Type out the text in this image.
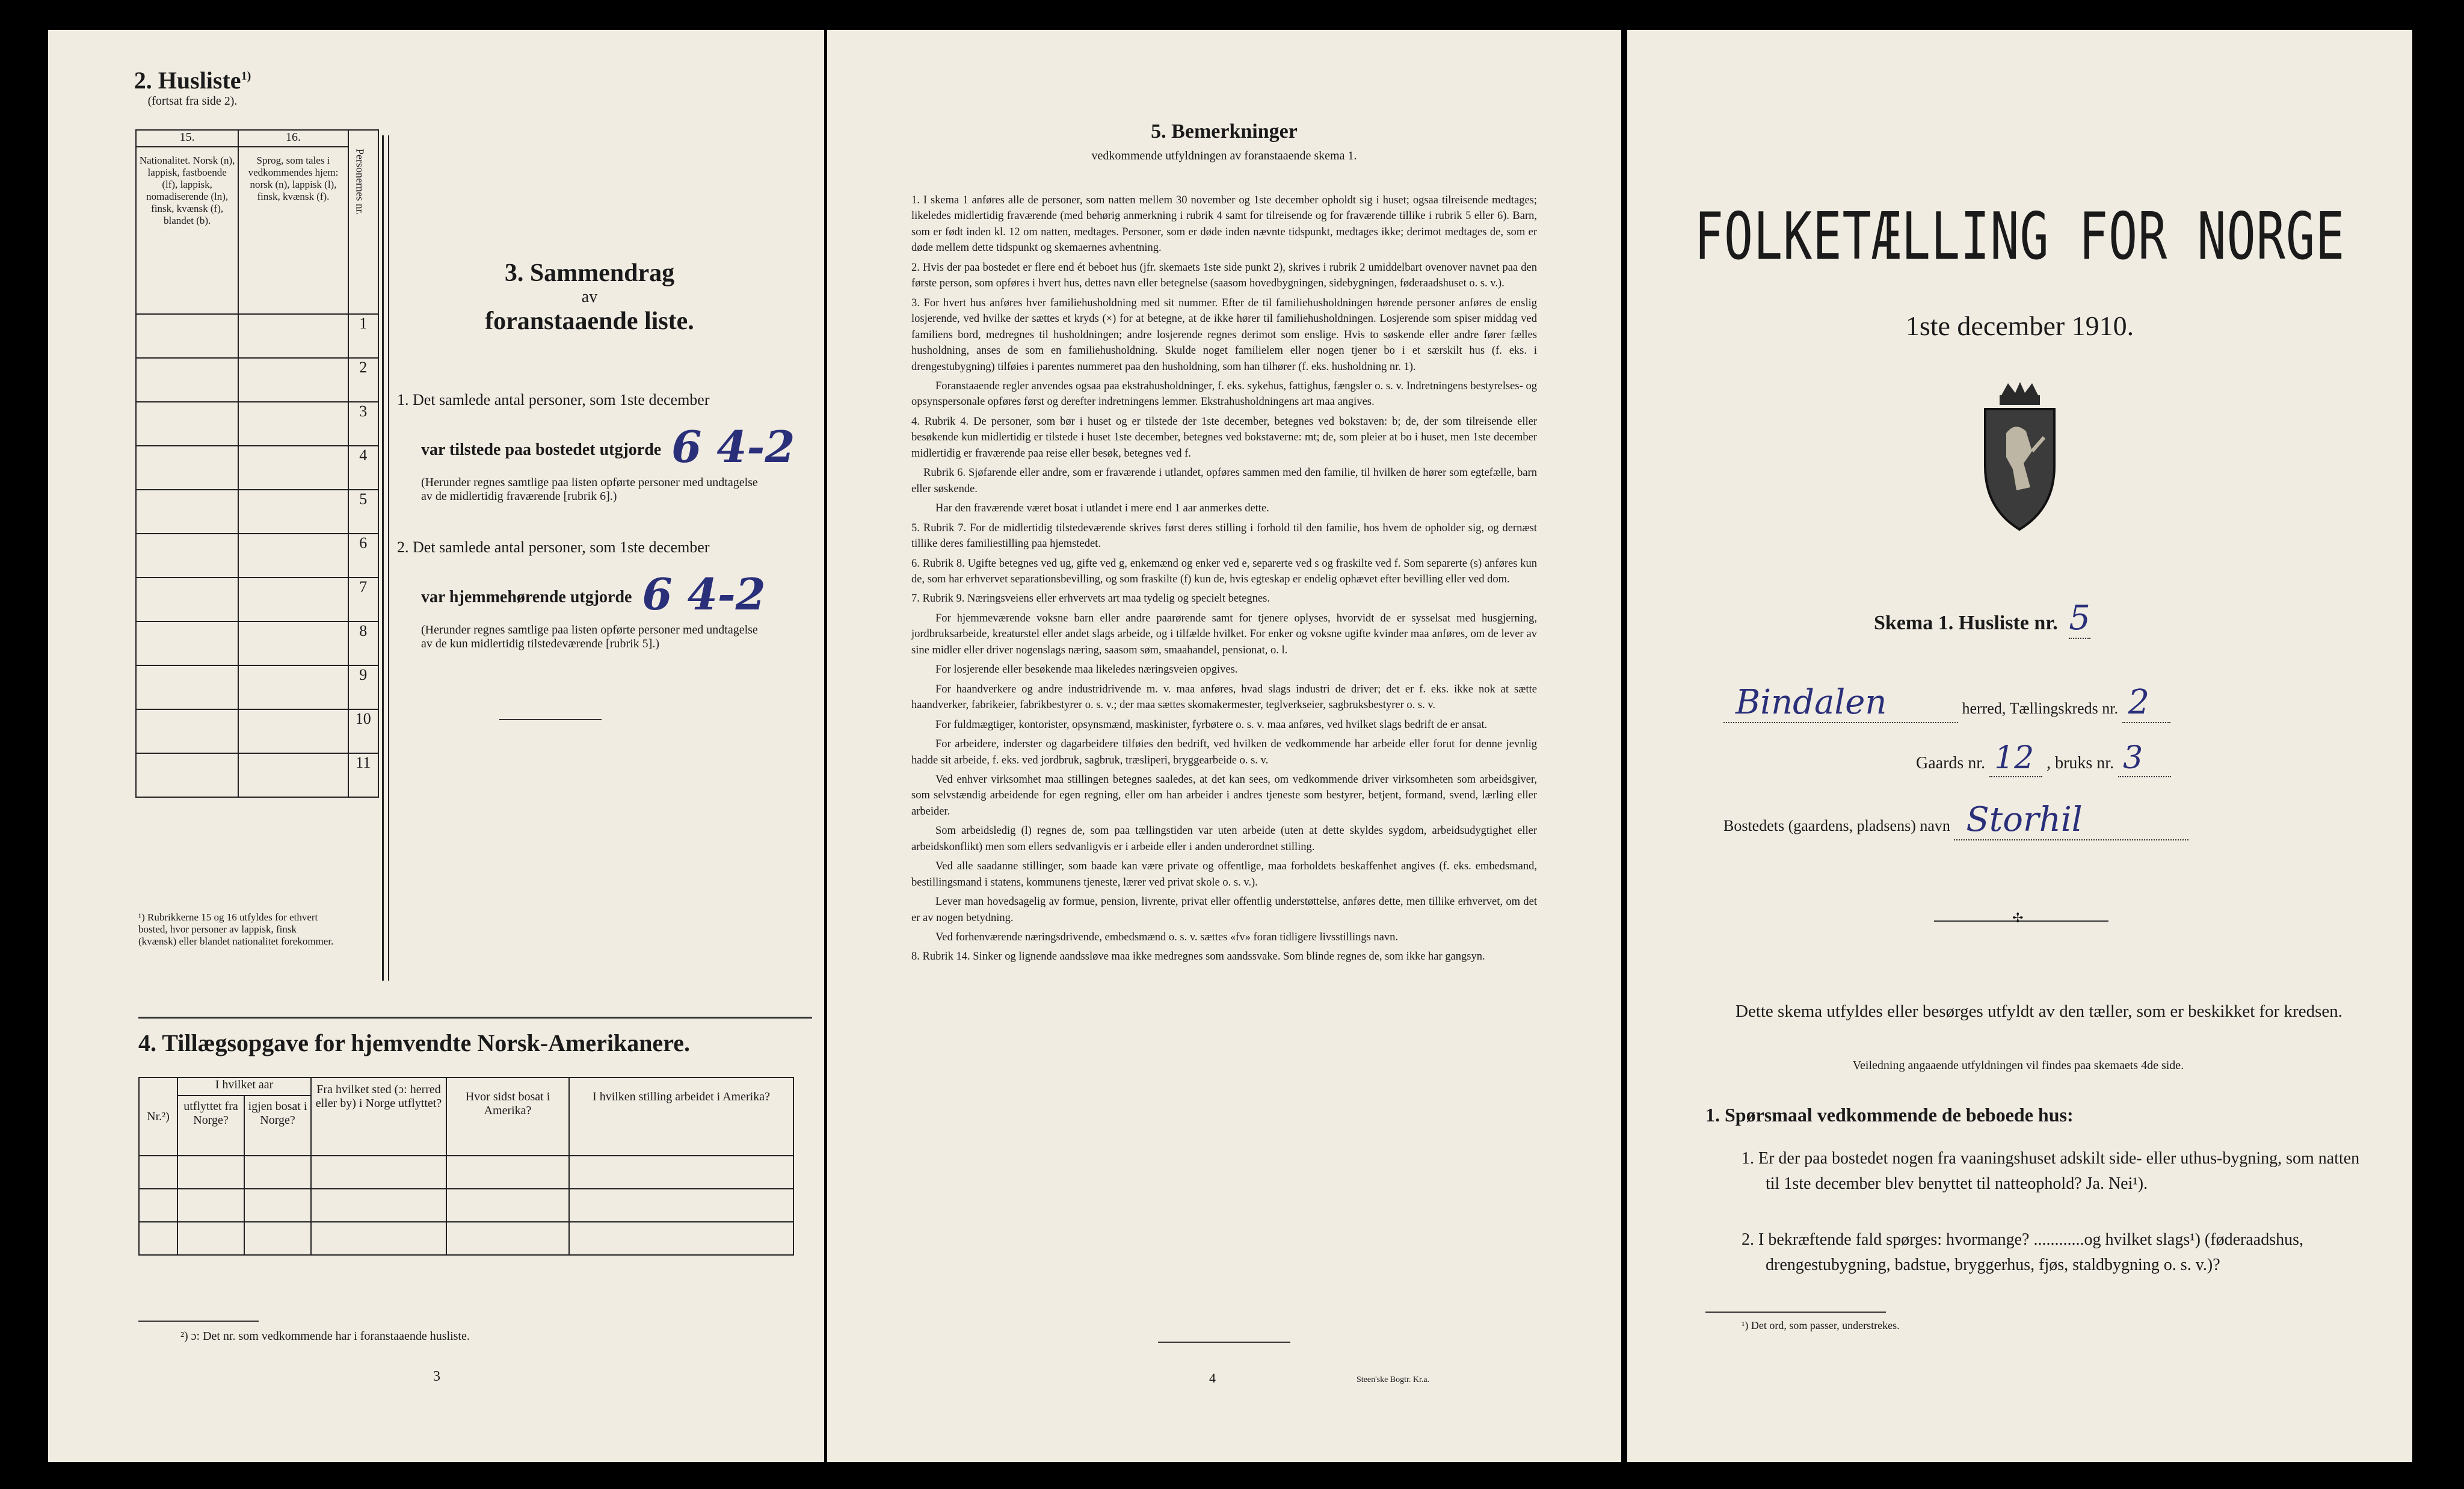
2. Husliste$^{1)}$
(fortsat fra side 2).
15.	16.	Personernes nr.

Nationalitet. Norsk (n), lappisk, fastboende (lf), lappisk, nomadiserende (ln), finsk, kvænsk (f), blandet (b).	Sprog, som tales i vedkommendes hjem: norsk (n), lappisk (l), finsk, kvænsk (f).	
		1
		2
		3
		4
		5
		6
		7
		8
		9
		10
		11
¹) Rubrikkerne 15 og 16 utfyldes for ethvert bosted, hvor personer av lappisk, finsk (kvænsk) eller blandet nationalitet forekommer.
3. Sammendrag
av
foranstaaende liste.
1. Det samlede antal personer, som 1ste december
var tilstede paa bostedet utgjorde 6 4-2
(Herunder regnes samtlige paa listen opførte personer med undtagelse av de midlertidig fraværende [rubrik 6].)
2. Det samlede antal personer, som 1ste december
var hjemmehørende utgjorde 6 4-2
(Herunder regnes samtlige paa listen opførte personer med undtagelse av de kun midlertidig tilstedeværende [rubrik 5].)
4. Tillægsopgave for hjemvendte Norsk-Amerikanere.
Nr.²)	I hvilket aar		Fra hvilket sted (ɔ: herred eller by) i Norge utflyttet?	Hvor sidst bosat i Amerika?	I hvilken stilling arbeidet i Amerika?
	utflyttet fra Norge?	igjen bosat i Norge?			

²) ɔ: Det nr. som vedkommende har i foranstaaende husliste.
3
5. Bemerkninger
vedkommende utfyldningen av foranstaaende skema 1.

1. I skema 1 anføres alle de personer, som natten mellem 30 november og 1ste december opholdt sig i huset; ogsaa tilreisende medtages; likeledes midlertidig fraværende (med behørig anmerkning i rubrik 4 samt for tilreisende og for fraværende tillike i rubrik 5 eller 6). Barn, som er født inden kl. 12 om natten, medtages. Personer, som er døde inden nævnte tidspunkt, medtages ikke; derimot medtages de, som er døde mellem dette tidspunkt og skemaernes avhentning.

2. Hvis der paa bostedet er flere end ét beboet hus (jfr. skemaets 1ste side punkt 2), skrives i rubrik 2 umiddelbart ovenover navnet paa den første person, som opføres i hvert hus, dettes navn eller betegnelse (saasom hovedbygningen, sidebygningen, føderaadshuset o. s. v.).

3. For hvert hus anføres hver familiehusholdning med sit nummer. Efter de til familiehusholdningen hørende personer anføres de enslig losjerende, ved hvilke der sættes et kryds (×) for at betegne, at de ikke hører til familiehusholdningen. Losjerende som spiser middag ved familiens bord, medregnes til husholdningen; andre losjerende regnes derimot som enslige. Hvis to søskende eller andre fører fælles husholdning, anses de som en familiehusholdning. Skulde noget familielem eller nogen tjener bo i et særskilt hus (f. eks. i drengestubygning) tilføies i parentes nummeret paa den husholdning, som han tilhører (f. eks. husholdning nr. 1).

Foranstaaende regler anvendes ogsaa paa ekstrahusholdninger, f. eks. sykehus, fattighus, fængsler o. s. v. Indretningens bestyrelses- og opsynspersonale opføres først og derefter indretningens lemmer. Ekstrahusholdningens art maa angives.

4. Rubrik 4. De personer, som bør i huset og er tilstede der 1ste december, betegnes ved bokstaven: b; de, der som tilreisende eller besøkende kun midlertidig er tilstede i huset 1ste december, betegnes ved bokstaverne: mt; de, som pleier at bo i huset, men 1ste december midlertidig er fraværende paa reise eller besøk, betegnes ved f.

Rubrik 6. Sjøfarende eller andre, som er fraværende i utlandet, opføres sammen med den familie, til hvilken de hører som egtefælle, barn eller søskende.

Har den fraværende været bosat i utlandet i mere end 1 aar anmerkes dette.

5. Rubrik 7. For de midlertidig tilstedeværende skrives først deres stilling i forhold til den familie, hos hvem de opholder sig, og dernæst tillike deres familiestilling paa hjemstedet.

6. Rubrik 8. Ugifte betegnes ved ug, gifte ved g, enkemænd og enker ved e, separerte ved s og fraskilte ved f. Som separerte (s) anføres kun de, som har erhvervet separationsbevilling, og som fraskilte (f) kun de, hvis egteskap er endelig ophævet efter bevilling eller ved dom.

7. Rubrik 9. Næringsveiens eller erhvervets art maa tydelig og specielt betegnes.

For hjemmeværende voksne barn eller andre paarørende samt for tjenere oplyses, hvorvidt de er sysselsat med husgjerning, jordbruksarbeide, kreaturstel eller andet slags arbeide, og i tilfælde hvilket. For enker og voksne ugifte kvinder maa anføres, om de lever av sine midler eller driver nogenslags næring, saasom søm, smaahandel, pensionat, o. l.

For losjerende eller besøkende maa likeledes næringsveien opgives.

For haandverkere og andre industridrivende m. v. maa anføres, hvad slags industri de driver; det er f. eks. ikke nok at sætte haandverker, fabrikeier, fabrikbestyrer o. s. v.; der maa sættes skomakermester, teglverkseier, sagbruksbestyrer o. s. v.

For fuldmægtiger, kontorister, opsynsmænd, maskinister, fyrbøtere o. s. v. maa anføres, ved hvilket slags bedrift de er ansat.

For arbeidere, inderster og dagarbeidere tilføies den bedrift, ved hvilken de vedkommende har arbeide eller forut for denne jevnlig hadde sit arbeide, f. eks. ved jordbruk, sagbruk, træsliperi, bryggearbeide o. s. v.

Ved enhver virksomhet maa stillingen betegnes saaledes, at det kan sees, om vedkommende driver virksomheten som arbeidsgiver, som selvstændig arbeidende for egen regning, eller om han arbeider i andres tjeneste som bestyrer, betjent, formand, svend, lærling eller arbeider.

Som arbeidsledig (l) regnes de, som paa tællingstiden var uten arbeide (uten at dette skyldes sygdom, arbeidsudygtighet eller arbeidskonflikt) men som ellers sedvanligvis er i arbeide eller i anden underordnet stilling.

Ved alle saadanne stillinger, som baade kan være private og offentlige, maa forholdets beskaffenhet angives (f. eks. embedsmand, bestillingsmand i statens, kommunens tjeneste, lærer ved privat skole o. s. v.).

Lever man hovedsagelig av formue, pension, livrente, privat eller offentlig understøttelse, anføres dette, men tillike erhvervet, om det er av nogen betydning.

Ved forhenværende næringsdrivende, embedsmænd o. s. v. sættes «fv» foran tidligere livsstillings navn.

8. Rubrik 14. Sinker og lignende aandssløve maa ikke medregnes som aandssvake. Som blinde regnes de, som ikke har gangsyn.

4	Steen'ske Bogtr. Kr.a.
FOLKETÆLLING FOR NORGE
1ste december 1910.
Skema 1. Husliste nr. 5
Bindalen	herred, Tællingskreds nr. 2
Gaards nr. 12 , bruks nr. 3
Bostedets (gaardens, pladsens) navn Storhil
✢
Dette skema utfyldes eller besørges utfyldt av den tæller, som er beskikket for kredsen.
Veiledning angaaende utfyldningen vil findes paa skemaets 4de side.
1. Spørsmaal vedkommende de beboede hus:
1. Er der paa bostedet nogen fra vaaningshuset adskilt side- eller uthus-bygning, som natten til 1ste december blev benyttet til natteophold? Ja. Nei¹).
2. I bekræftende fald spørges: hvormange? ............og hvilket slags¹) (føderaadshus, drengestubygning, badstue, bryggerhus, fjøs, staldbygning o. s. v.)?
¹) Det ord, som passer, understrekes.
